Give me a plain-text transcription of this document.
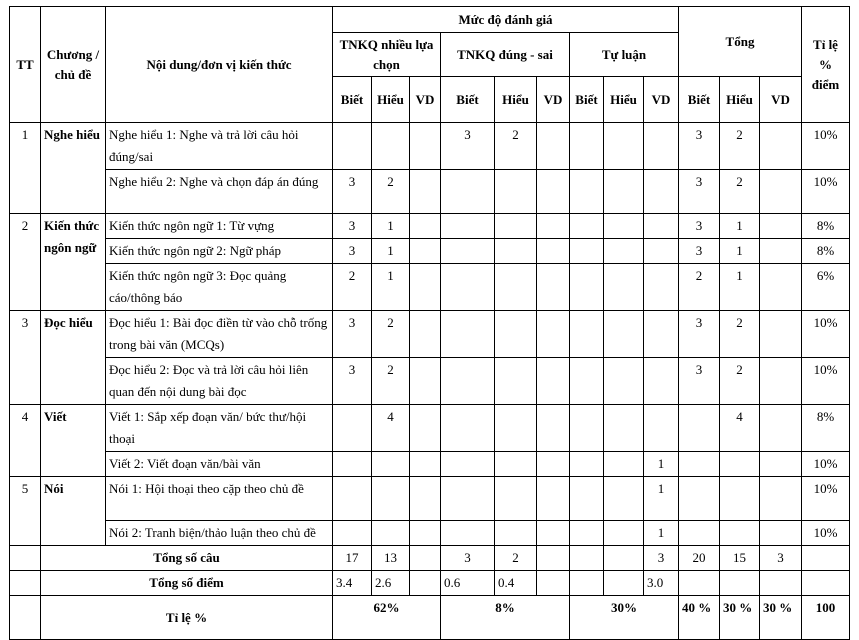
TT	Chương / chủ đề	Nội dung/đơn vị kiến thức	Mức độ đánh giá									Tổng			Tỉ lệ % điểm
			TNKQ nhiều lựa chọn			TNKQ đúng - sai			Tự luận						
			Biết	Hiểu	VD	Biết	Hiểu	VD	Biết	Hiểu	VD	Biết	Hiểu	VD	
1	Nghe hiểu	Nghe hiểu 1: Nghe và trả lời câu hỏi đúng/sai				3	2					3	2		10%
		Nghe hiểu 2: Nghe và chọn đáp án đúng	3	2								3	2		10%
2	Kiến thức ngôn ngữ	Kiến thức ngôn ngữ 1: Từ vựng	3	1								3	1		8%
		Kiến thức ngôn ngữ 2: Ngữ pháp	3	1								3	1		8%
		Kiến thức ngôn ngữ 3: Đọc quảng cáo/thông báo	2	1								2	1		6%
3	Đọc hiểu	Đọc hiểu 1: Bài đọc điền từ vào chỗ trống trong bài văn (MCQs)	3	2								3	2		10%
		Đọc hiểu 2: Đọc và trả lời câu hỏi liên quan đến nội dung bài đọc	3	2								3	2		10%
4	Viết	Viết 1: Sắp xếp đoạn văn/ bức thư/hội thoại		4									4		8%
		Viết 2: Viết đoạn văn/bài văn									1				10%
5	Nói	Nói 1: Hội thoại theo cặp theo chủ đề									1				10%
		Nói 2: Tranh biện/thảo luận theo chủ đề									1				10%
	Tổng số câu		17	13		3	2				3	20	15	3	
	Tổng số điểm		3.4	2.6		0.6	0.4				3.0				
	Tỉ lệ %		62%			8%			30%			40 %	30 %	30 %	100
